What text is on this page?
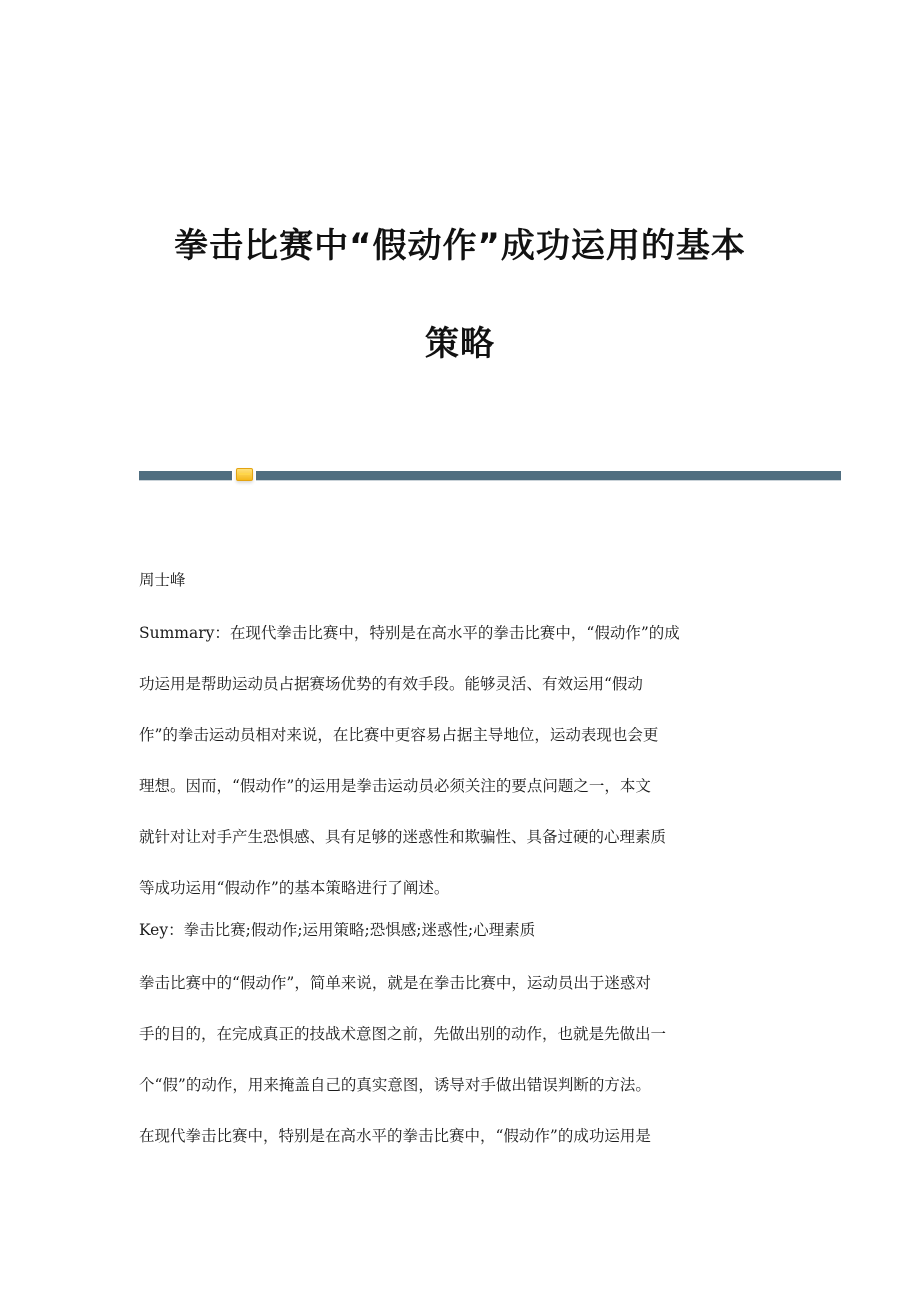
拳击比赛中“假动作”成功运用的基本
策略

周士峰

Summary：在现代拳击比赛中，特别是在高水平的拳击比赛中，“假动作”的成
功运用是帮助运动员占据赛场优势的有效手段。能够灵活、有效运用“假动
作”的拳击运动员相对来说，在比赛中更容易占据主导地位，运动表现也会更
理想。因而，“假动作”的运用是拳击运动员必须关注的要点问题之一，本文
就针对让对手产生恐惧感、具有足够的迷惑性和欺骗性、具备过硬的心理素质
等成功运用“假动作”的基本策略进行了阐述。

Key：拳击比赛;假动作;运用策略;恐惧感;迷惑性;心理素质

拳击比赛中的“假动作”，简单来说，就是在拳击比赛中，运动员出于迷惑对
手的目的，在完成真正的技战术意图之前，先做出别的动作，也就是先做出一
个“假”的动作，用来掩盖自己的真实意图，诱导对手做出错误判断的方法。
在现代拳击比赛中，特别是在高水平的拳击比赛中，“假动作”的成功运用是
